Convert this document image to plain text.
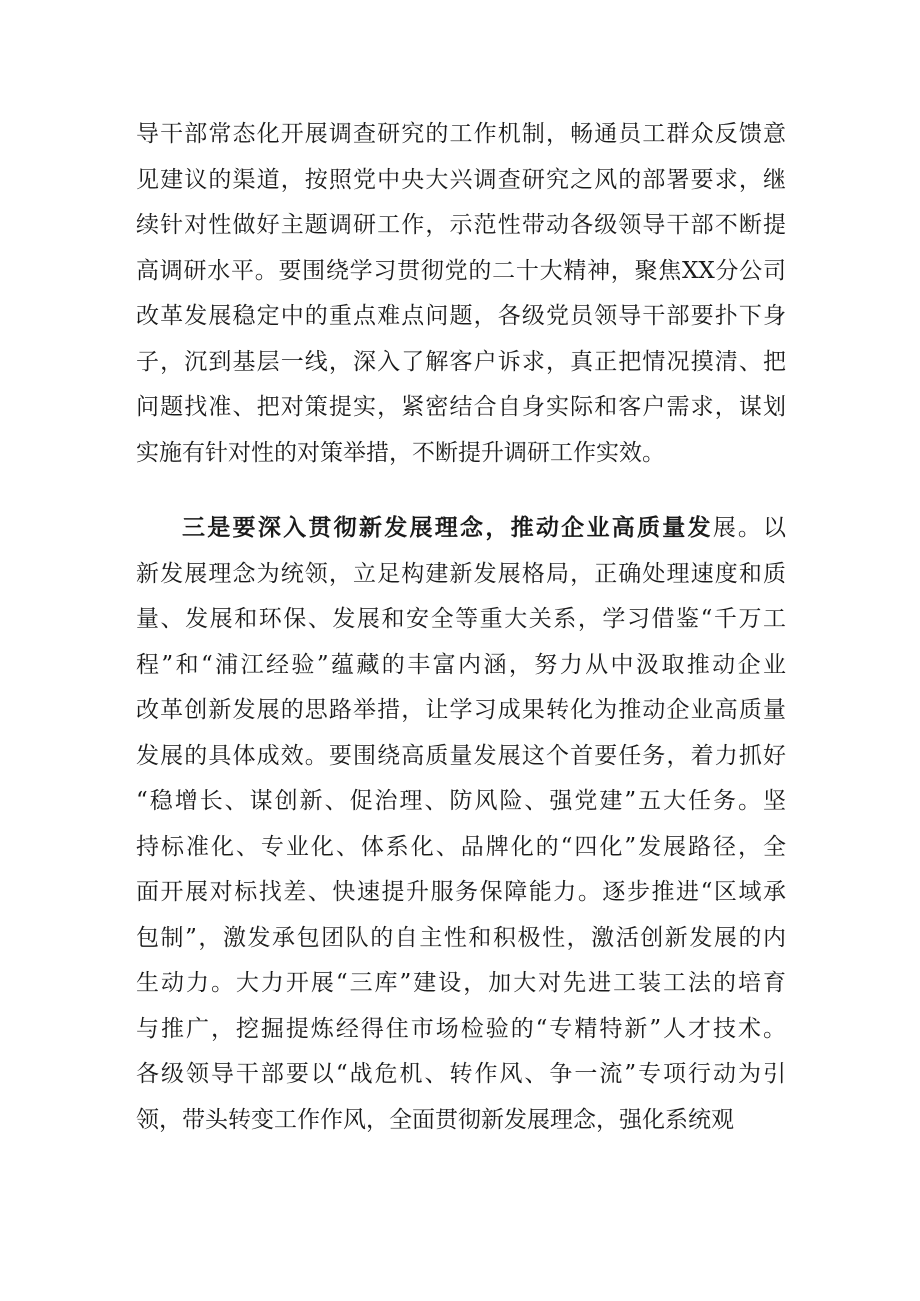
导干部常态化开展调查研究的工作机制，畅通员工群众反馈意
见建议的渠道，按照党中央大兴调查研究之风的部署要求，继
续针对性做好主题调研工作，示范性带动各级领导干部不断提
高调研水平。要围绕学习贯彻党的二十大精神，聚焦XX分公司
改革发展稳定中的重点难点问题，各级党员领导干部要扑下身
子，沉到基层一线，深入了解客户诉求，真正把情况摸清、把
问题找准、把对策提实，紧密结合自身实际和客户需求，谋划
实施有针对性的对策举措，不断提升调研工作实效。
三是要深入贯彻新发展理念，推动企业高质量发展。以
新发展理念为统领，立足构建新发展格局，正确处理速度和质
量、发展和环保、发展和安全等重大关系，学习借鉴“千万工
程”和“浦江经验”蕴藏的丰富内涵，努力从中汲取推动企业
改革创新发展的思路举措，让学习成果转化为推动企业高质量
发展的具体成效。要围绕高质量发展这个首要任务，着力抓好
“稳增长、谋创新、促治理、防风险、强党建”五大任务。坚
持标准化、专业化、体系化、品牌化的“四化”发展路径，全
面开展对标找差、快速提升服务保障能力。逐步推进“区域承
包制”，激发承包团队的自主性和积极性，激活创新发展的内
生动力。大力开展“三库”建设，加大对先进工装工法的培育
与推广，挖掘提炼经得住市场检验的“专精特新”人才技术。
各级领导干部要以“战危机、转作风、争一流”专项行动为引
领，带头转变工作作风，全面贯彻新发展理念，强化系统观
